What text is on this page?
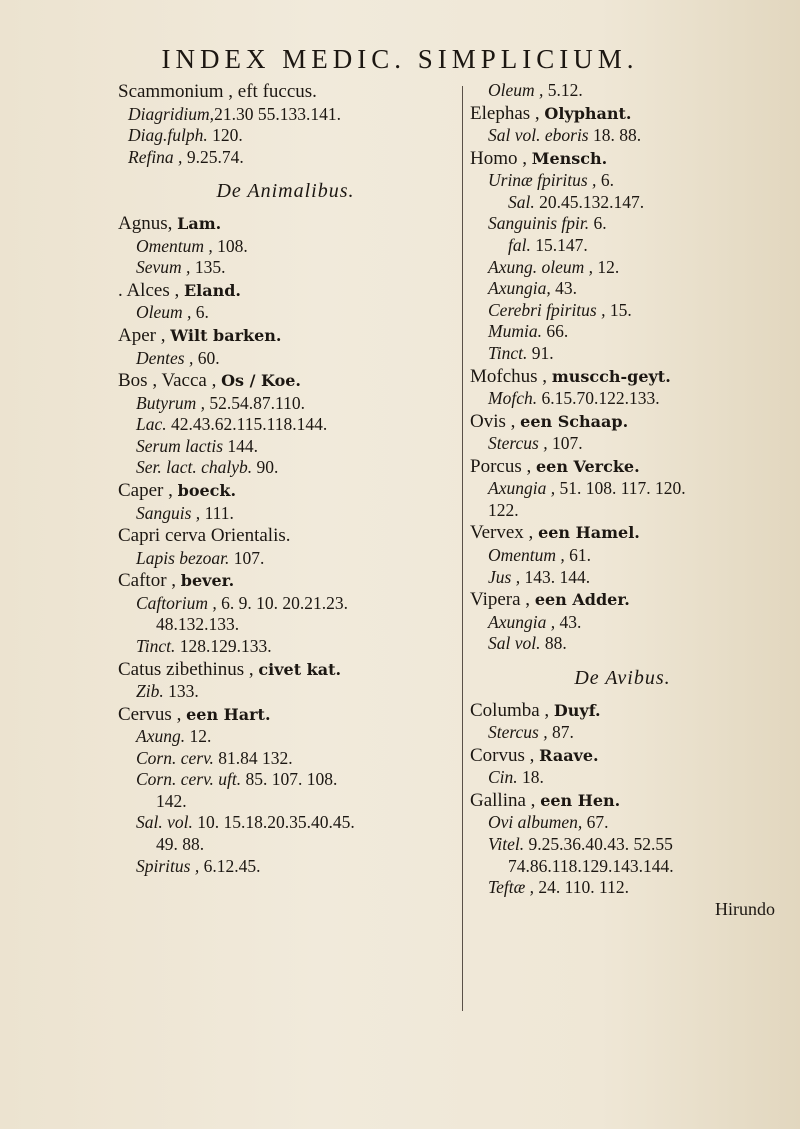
INDEX MEDIC. SIMPLICIUM.
Scammonium , eft fuccus.
Diagridium,21.30 55.133.141.
Diag.fulph. 120.
Refina , 9.25.74.
De Animalibus.
Agnus, Lam.
Omentum , 108.
Sevum , 135.
. Alces , Eland.
Oleum , 6.
Aper , Wilt barken.
Dentes , 60.
Bos , Vacca , Os / Koe.
Butyrum , 52.54.87.110.
Lac. 42.43.62.115.118.144.
Serum lactis 144.
Ser. lact. chalyb. 90.
Caper , boeck.
Sanguis , 111.
Capri cerva Orientalis.
Lapis bezoar. 107.
Caftor , bever.
Caftorium , 6. 9. 10. 20.21.23.
48.132.133.
Tinct. 128.129.133.
Catus zibethinus , civet kat.
Zib. 133.
Cervus , een Hart.
Axung. 12.
Corn. cerv. 81.84 132.
Corn. cerv. uft. 85. 107. 108.
142.
Sal. vol. 10. 15.18.20.35.40.45.
49. 88.
Spiritus , 6.12.45.
Oleum , 5.12.
Elephas , Olyphant.
Sal vol. eboris 18. 88.
Homo , Mensch.
Urinæ fpiritus , 6.
Sal. 20.45.132.147.
Sanguinis fpir. 6.
fal. 15.147.
Axung. oleum , 12.
Axungia, 43.
Cerebri fpiritus , 15.
Mumia. 66.
Tinct. 91.
Mofchus , muscch-geyt.
Mofch. 6.15.70.122.133.
Ovis , een Schaap.
Stercus , 107.
Porcus , een Vercke.
Axungia , 51. 108. 117. 120.
122.
Vervex , een Hamel.
Omentum , 61.
Jus , 143. 144.
Vipera , een Adder.
Axungia , 43.
Sal vol. 88.
De Avibus.
Columba , Duyf.
Stercus , 87.
Corvus , Raave.
Cin. 18.
Gallina , een Hen.
Ovi albumen, 67.
Vitel. 9.25.36.40.43. 52.55
74.86.118.129.143.144.
Teftæ , 24. 110. 112.
Hirundo
